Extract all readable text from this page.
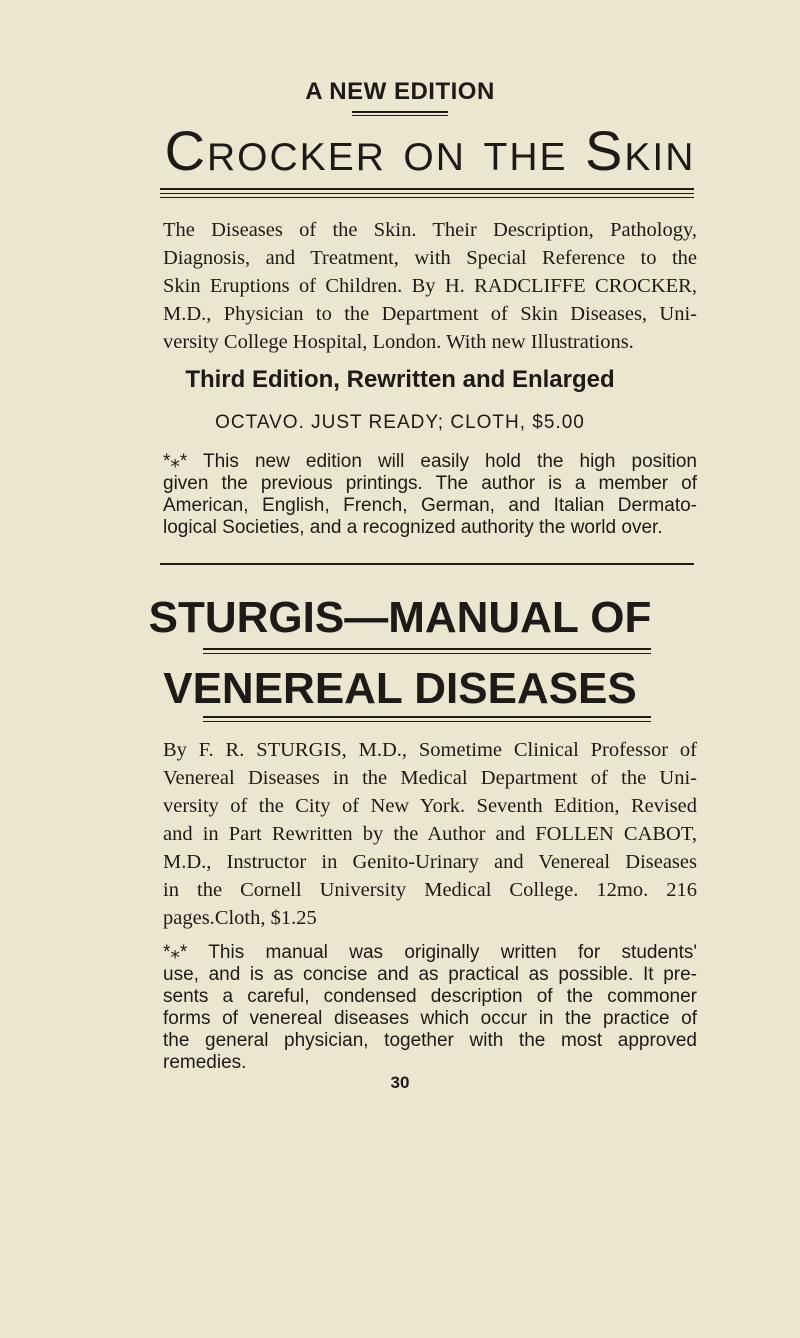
A NEW EDITION
Crocker on the Skin
The Diseases of the Skin. Their Description, Pathology,
Diagnosis, and Treatment, with Special Reference to the
Skin Eruptions of Children. By H. RADCLIFFE CROCKER,
M.D., Physician to the Department of Skin Diseases, Uni-
versity College Hospital, London. With new Illustrations.
Third Edition, Rewritten and Enlarged
OCTAVO. JUST READY; CLOTH, $5.00
*⁎* This new edition will easily hold the high position
given the previous printings. The author is a member of
American, English, French, German, and Italian Dermato-
logical Societies, and a recognized authority the world over.
STURGIS—MANUAL OF
VENEREAL DISEASES
By F. R. STURGIS, M.D., Sometime Clinical Professor of
Venereal Diseases in the Medical Department of the Uni-
versity of the City of New York. Seventh Edition, Revised
and in Part Rewritten by the Author and FOLLEN CABOT,
M.D., Instructor in Genito-Urinary and Venereal Diseases
in the Cornell University Medical College. 12mo. 216
pages.Cloth, $1.25
*⁎* This manual was originally written for students'
use, and is as concise and as practical as possible. It pre-
sents a careful, condensed description of the commoner
forms of venereal diseases which occur in the practice of
the general physician, together with the most approved
remedies.
30
